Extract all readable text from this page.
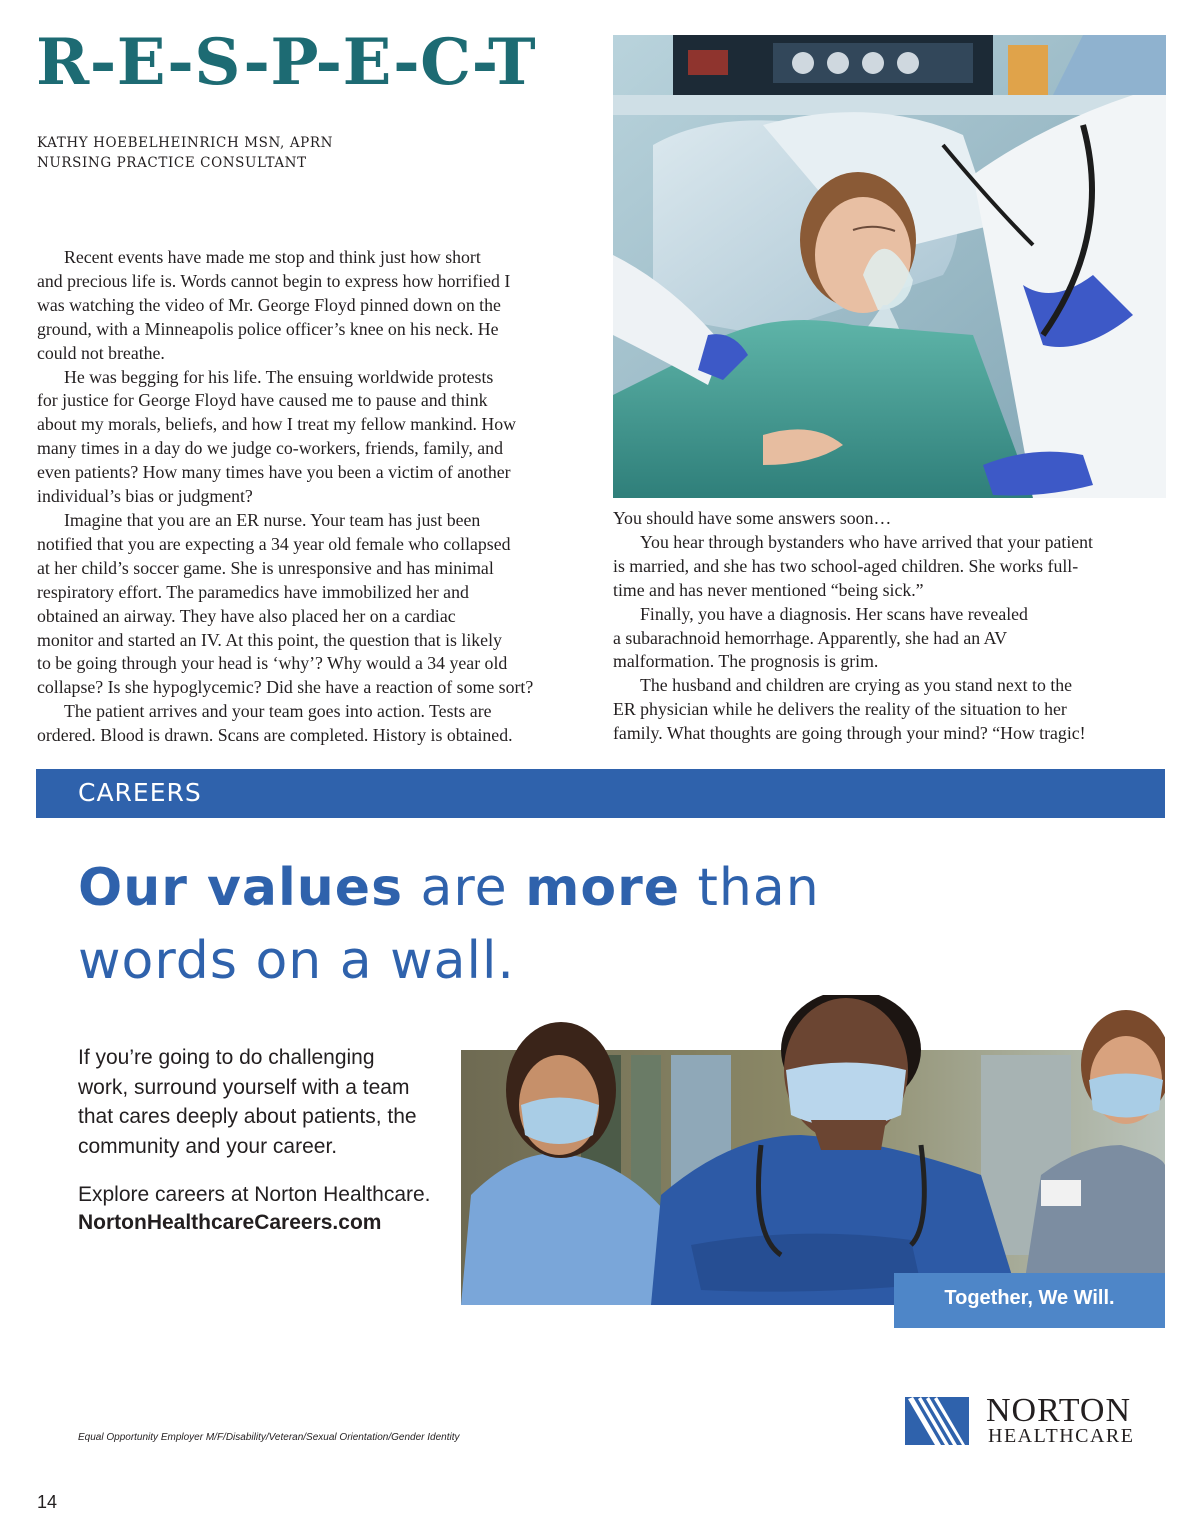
R-E-S-P-E-C-T
KATHY HOEBELHEINRICH MSN, APRN
NURSING PRACTICE CONSULTANT

Recent events have made me stop and think just how short

and precious life is. Words cannot begin to express how horrified I

was watching the video of Mr. George Floyd pinned down on the

ground, with a Minneapolis police officer’s knee on his neck. He

could not breathe.

He was begging for his life. The ensuing worldwide protests

for justice for George Floyd have caused me to pause and think

about my morals, beliefs, and how I treat my fellow mankind. How

many times in a day do we judge co-workers, friends, family, and

even patients? How many times have you been a victim of another

individual’s bias or judgment?

Imagine that you are an ER nurse. Your team has just been

notified that you are expecting a 34 year old female who collapsed

at her child’s soccer game. She is unresponsive and has minimal

respiratory effort. The paramedics have immobilized her and

obtained an airway. They have also placed her on a cardiac

monitor and started an IV. At this point, the question that is likely

to be going through your head is ‘why’? Why would a 34 year old

collapse? Is she hypoglycemic? Did she have a reaction of some sort?

The patient arrives and your team goes into action. Tests are

ordered. Blood is drawn. Scans are completed. History is obtained.

You should have some answers soon…

You hear through bystanders who have arrived that your patient

is married, and she has two school-aged children. She works full-

time and has never mentioned “being sick.”

Finally, you have a diagnosis. Her scans have revealed

a subarachnoid hemorrhage. Apparently, she had an AV

malformation. The prognosis is grim.

The husband and children are crying as you stand next to the

ER physician while he delivers the reality of the situation to her

family. What thoughts are going through your mind? “How tragic!

CAREERS
Our values are more than
words on a wall.

If you’re going to do challenging
work, surround yourself with a team
that cares deeply about patients, the
community and your career.

Explore careers at Norton Healthcare.
NortonHealthcareCareers.com
Together, We Will.
NORTON
HEALTHCARE
Equal Opportunity Employer M/F/Disability/Veteran/Sexual Orientation/Gender Identity
14
